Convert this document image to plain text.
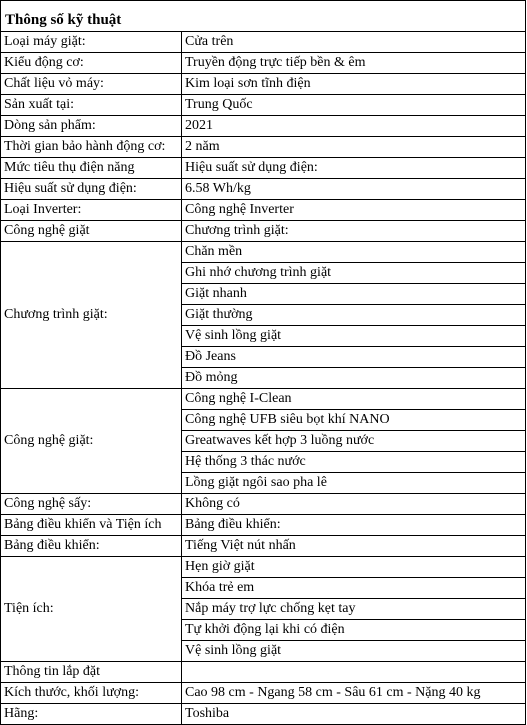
Thông số kỹ thuật
Loại máy giặt:	Cửa trên
Kiểu động cơ:	Truyền động trực tiếp bền & êm
Chất liệu vỏ máy:	Kim loại sơn tĩnh điện
Sản xuất tại:	Trung Quốc
Dòng sản phẩm:	2021
Thời gian bảo hành động cơ:	2 năm
Mức tiêu thụ điện năng	Hiệu suất sử dụng điện:
Hiệu suất sử dụng điện:	6.58 Wh/kg
Loại Inverter:	Công nghệ Inverter
Công nghệ giặt	Chương trình giặt:
Chương trình giặt:	Chăn mền
	Ghi nhớ chương trình giặt
	Giặt nhanh
	Giặt thường
	Vệ sinh lồng giặt
	Đồ Jeans
	Đồ mỏng
Công nghệ giặt:	Công nghệ I-Clean
	Công nghệ UFB siêu bọt khí NANO
	Greatwaves kết hợp 3 luồng nước
	Hệ thống 3 thác nước
	Lồng giặt ngôi sao pha lê
Công nghệ sấy:	Không có
Bảng điều khiển và Tiện ích	Bảng điều khiển:
Bảng điều khiển:	Tiếng Việt nút nhấn
Tiện ích:	Hẹn giờ giặt
	Khóa trẻ em
	Nắp máy trợ lực chống kẹt tay
	Tự khởi động lại khi có điện
	Vệ sinh lồng giặt
Thông tin lắp đặt	
Kích thước, khối lượng:	Cao 98 cm - Ngang 58 cm - Sâu 61 cm - Nặng 40 kg
Hãng:	Toshiba
